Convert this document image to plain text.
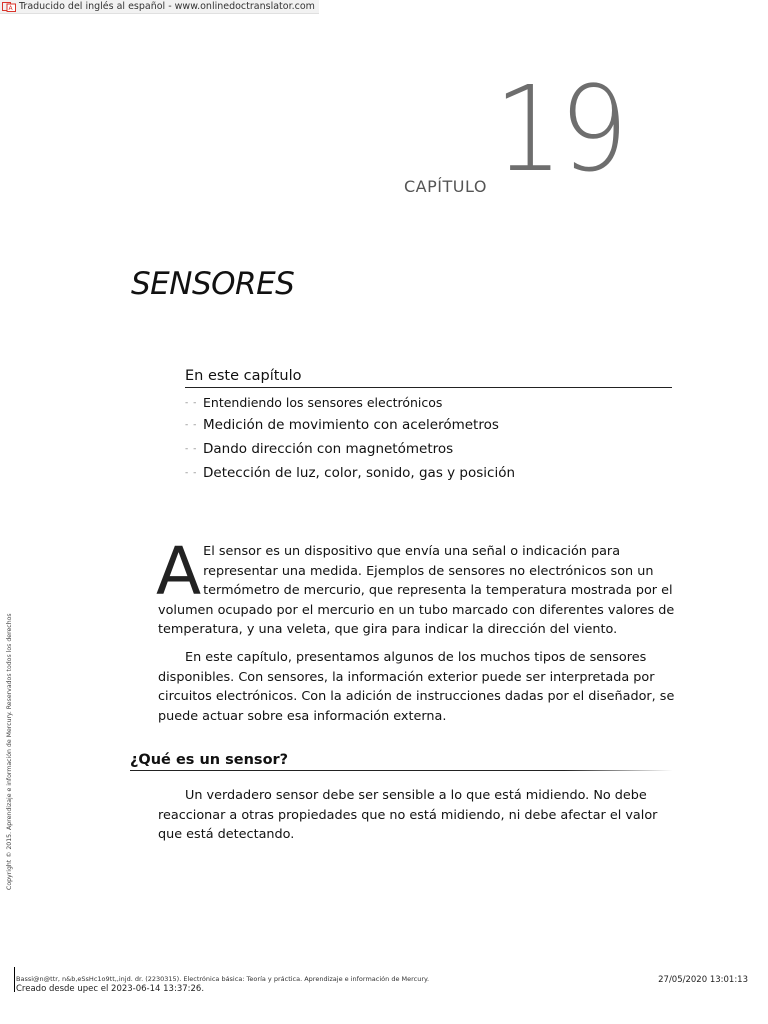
A Traducido del inglés al español - www.onlinedoctranslator.com
CAPÍTULO 19
SENSORES
En este capítulo
- - Entendiendo los sensores electrónicos
- - Medición de movimiento con acelerómetros
- - Dando dirección con magnetómetros
- - Detección de luz, color, sonido, gas y posición
A El sensor es un dispositivo que envía una señal o indicación para representar una medida. Ejemplos de sensores no electrónicos son un termómetro de mercurio, que representa la temperatura mostrada por el volumen ocupado por el mercurio en un tubo marcado con diferentes valores de temperatura, y una veleta, que gira para indicar la dirección del viento.
En este capítulo, presentamos algunos de los muchos tipos de sensores disponibles. Con sensores, la información exterior puede ser interpretada por circuitos electrónicos. Con la adición de instrucciones dadas por el diseñador, se puede actuar sobre esa información externa.
¿Qué es un sensor?
Un verdadero sensor debe ser sensible a lo que está midiendo. No debe reaccionar a otras propiedades que no está midiendo, ni debe afectar el valor que está detectando.
Copyright © 2015. Aprendizaje e información de Mercury. Reservados todos los derechos
Bassi@n@ttr, n&b,eSsHc1o9tt,,injd. dr. (2230315). Electrónica básica: Teoría y práctica. Aprendizaje e información de Mercury.
Creado desde upec el 2023-06-14 13:37:26.
27/05/2020 13:01:13
